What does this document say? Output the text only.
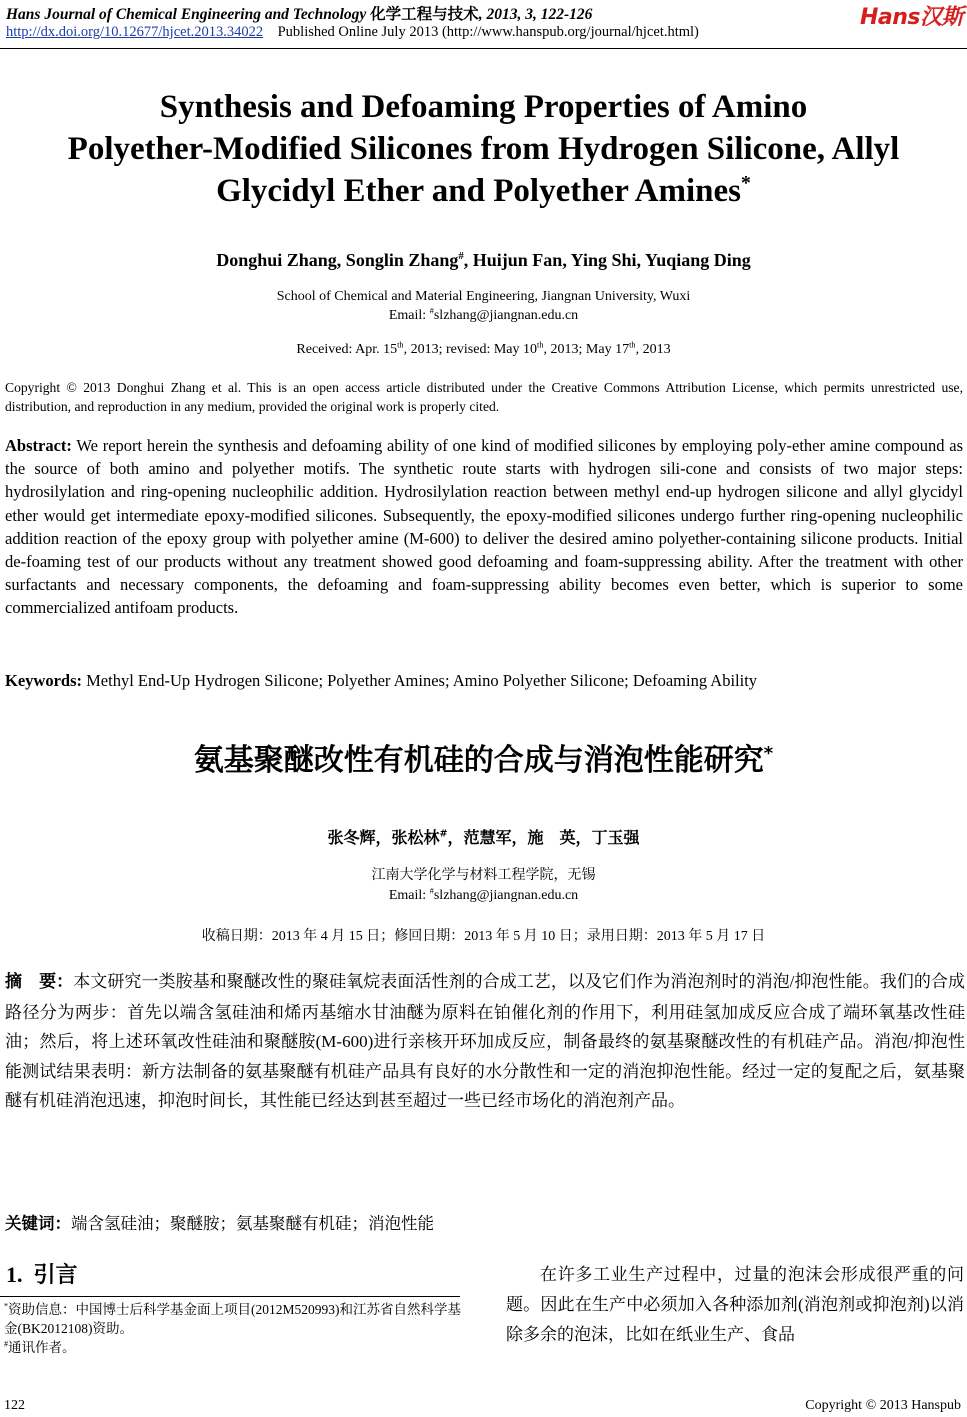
Hans Journal of Chemical Engineering and Technology 化学工程与技术, 2013, 3, 122-126	Hans汉斯
http://dx.doi.org/10.12677/hjcet.2013.34022 Published Online July 2013 (http://www.hanspub.org/journal/hjcet.html)
Synthesis and Defoaming Properties of Amino
Polyether-Modified Silicones from Hydrogen Silicone, Allyl
Glycidyl Ether and Polyether Amines*
Donghui Zhang, Songlin Zhang#, Huijun Fan, Ying Shi, Yuqiang Ding
School of Chemical and Material Engineering, Jiangnan University, Wuxi
Email: #slzhang@jiangnan.edu.cn
Received: Apr. 15th, 2013; revised: May 10th, 2013; May 17th, 2013
Copyright © 2013 Donghui Zhang et al. This is an open access article distributed under the Creative Commons Attribution License, which permits unrestricted use, distribution, and reproduction in any medium, provided the original work is properly cited.
Abstract: We report herein the synthesis and defoaming ability of one kind of modified silicones by employing poly-ether amine compound as the source of both amino and polyether motifs. The synthetic route starts with hydrogen sili-cone and consists of two major steps: hydrosilylation and ring-opening nucleophilic addition. Hydrosilylation reaction between methyl end-up hydrogen silicone and allyl glycidyl ether would get intermediate epoxy-modified silicones. Subsequently, the epoxy-modified silicones undergo further ring-opening nucleophilic addition reaction of the epoxy group with polyether amine (M-600) to deliver the desired amino polyether-containing silicone products. Initial de-foaming test of our products without any treatment showed good defoaming and foam-suppressing ability. After the treatment with other surfactants and necessary components, the defoaming and foam-suppressing ability becomes even better, which is superior to some commercialized antifoam products.
Keywords: Methyl End-Up Hydrogen Silicone; Polyether Amines; Amino Polyether Silicone; Defoaming Ability
氨基聚醚改性有机硅的合成与消泡性能研究*
张冬辉，张松林#，范慧军，施　英，丁玉强
江南大学化学与材料工程学院，无锡
Email: #slzhang@jiangnan.edu.cn
收稿日期：2013 年 4 月 15 日；修回日期：2013 年 5 月 10 日；录用日期：2013 年 5 月 17 日
摘　要：本文研究一类胺基和聚醚改性的聚硅氧烷表面活性剂的合成工艺，以及它们作为消泡剂时的消泡/抑泡性能。我们的合成路径分为两步：首先以端含氢硅油和烯丙基缩水甘油醚为原料在铂催化剂的作用下，利用硅氢加成反应合成了端环氧基改性硅油；然后，将上述环氧改性硅油和聚醚胺(M-600)进行亲核开环加成反应，制备最终的氨基聚醚改性的有机硅产品。消泡/抑泡性能测试结果表明：新方法制备的氨基聚醚有机硅产品具有良好的水分散性和一定的消泡抑泡性能。经过一定的复配之后，氨基聚醚有机硅消泡迅速，抑泡时间长，其性能已经达到甚至超过一些已经市场化的消泡剂产品。
关键词：端含氢硅油；聚醚胺；氨基聚醚有机硅；消泡性能
1. 引言
*资助信息：中国博士后科学基金面上项目(2012M520993)和江苏省自然科学基金(BK2012108)资助。
#通讯作者。
在许多工业生产过程中，过量的泡沫会形成很严重的问题。因此在生产中必须加入各种添加剂(消泡剂或抑泡剂)以消除多余的泡沫，比如在纸业生产、食品
122	Copyright © 2013 Hanspub
